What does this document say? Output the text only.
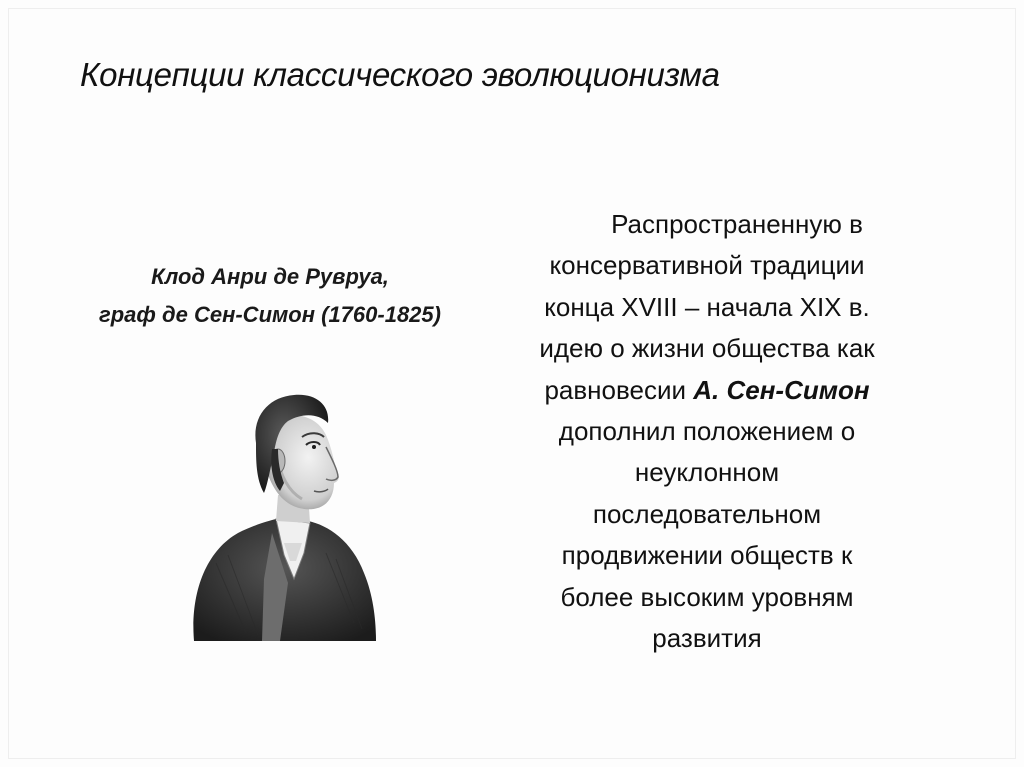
Концепции классического эволюционизма
Клод Анри де Рувруа,
граф де Сен-Симон (1760-1825)
Распространенную в
консервативной традиции
конца XVIII – начала XIX в.
идею о жизни общества как
равновесии А. Сен-Симон
дополнил положением о
неуклонном
последовательном
продвижении обществ к
более высоким уровням
развития
